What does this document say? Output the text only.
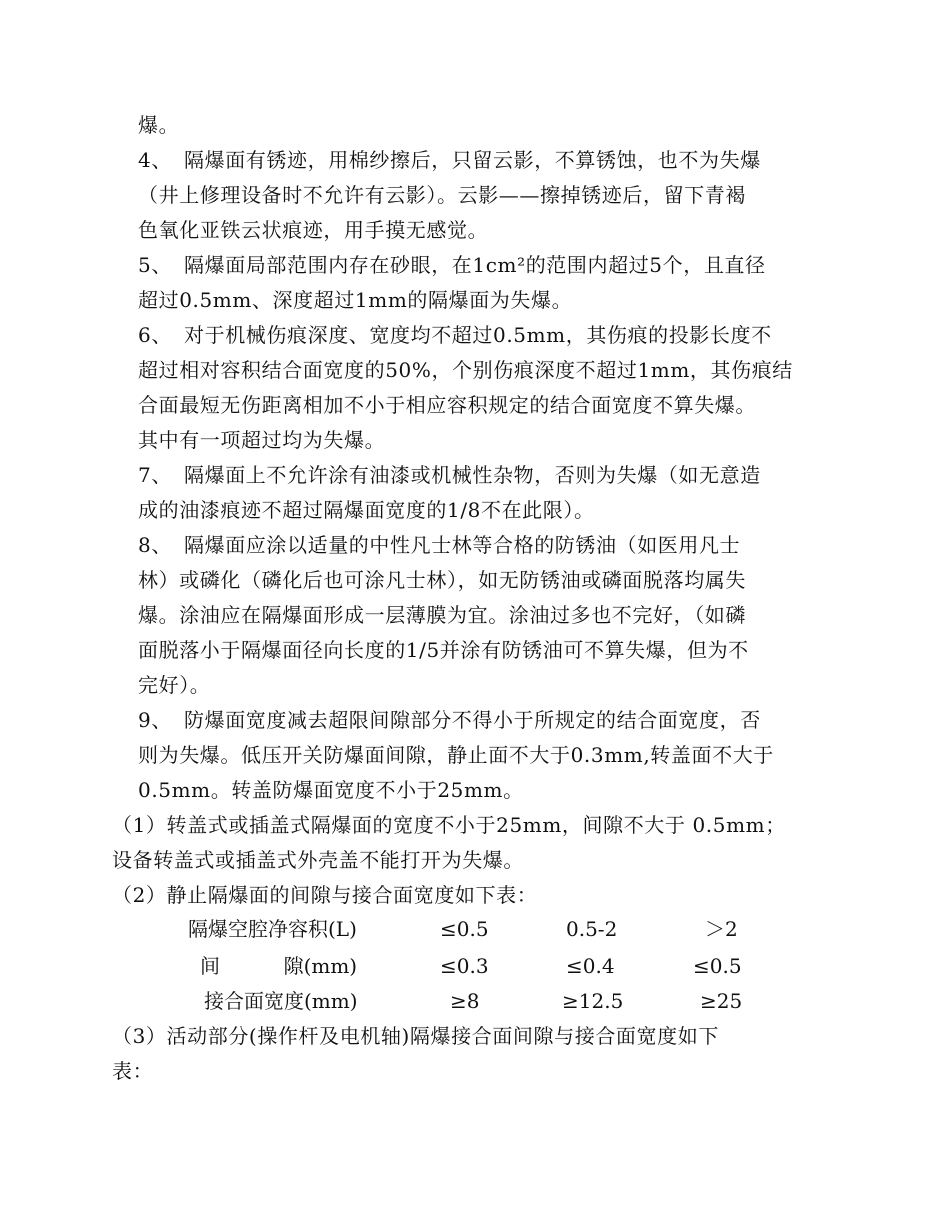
爆。
4、 隔爆面有锈迹，用棉纱擦后，只留云影，不算锈蚀，也不为失爆
（井上修理设备时不允许有云影）。云影——擦掉锈迹后，留下青褐
色氧化亚铁云状痕迹，用手摸无感觉。
5、 隔爆面局部范围内存在砂眼，在1cm²的范围内超过5个，且直径
超过0.5mm、深度超过1mm的隔爆面为失爆。
6、 对于机械伤痕深度、宽度均不超过0.5mm，其伤痕的投影长度不
超过相对容积结合面宽度的50%，个别伤痕深度不超过1mm，其伤痕结
合面最短无伤距离相加不小于相应容积规定的结合面宽度不算失爆。
其中有一项超过均为失爆。
7、 隔爆面上不允许涂有油漆或机械性杂物，否则为失爆（如无意造
成的油漆痕迹不超过隔爆面宽度的1/8不在此限）。
8、 隔爆面应涂以适量的中性凡士林等合格的防锈油（如医用凡士
林）或磷化（磷化后也可涂凡士林），如无防锈油或磷面脱落均属失
爆。涂油应在隔爆面形成一层薄膜为宜。涂油过多也不完好，（如磷
面脱落小于隔爆面径向长度的1/5并涂有防锈油可不算失爆，但为不
完好）。
9、 防爆面宽度减去超限间隙部分不得小于所规定的结合面宽度，否
则为失爆。低压开关防爆面间隙，静止面不大于0.3mm,转盖面不大于
0.5mm。转盖防爆面宽度不小于25mm。
（1）转盖式或插盖式隔爆面的宽度不小于25mm，间隙不大于 0.5mm；
设备转盖式或插盖式外壳盖不能打开为失爆。
（2）静止隔爆面的间隙与接合面宽度如下表：
隔爆空腔净容积(L)	≤0.5	0.5-2	＞2
间          隙(mm)	≤0.3	≤0.4	≤0.5
接合面宽度(mm)	≥8	≥12.5	≥25
（3）活动部分(操作杆及电机轴)隔爆接合面间隙与接合面宽度如下
表：
